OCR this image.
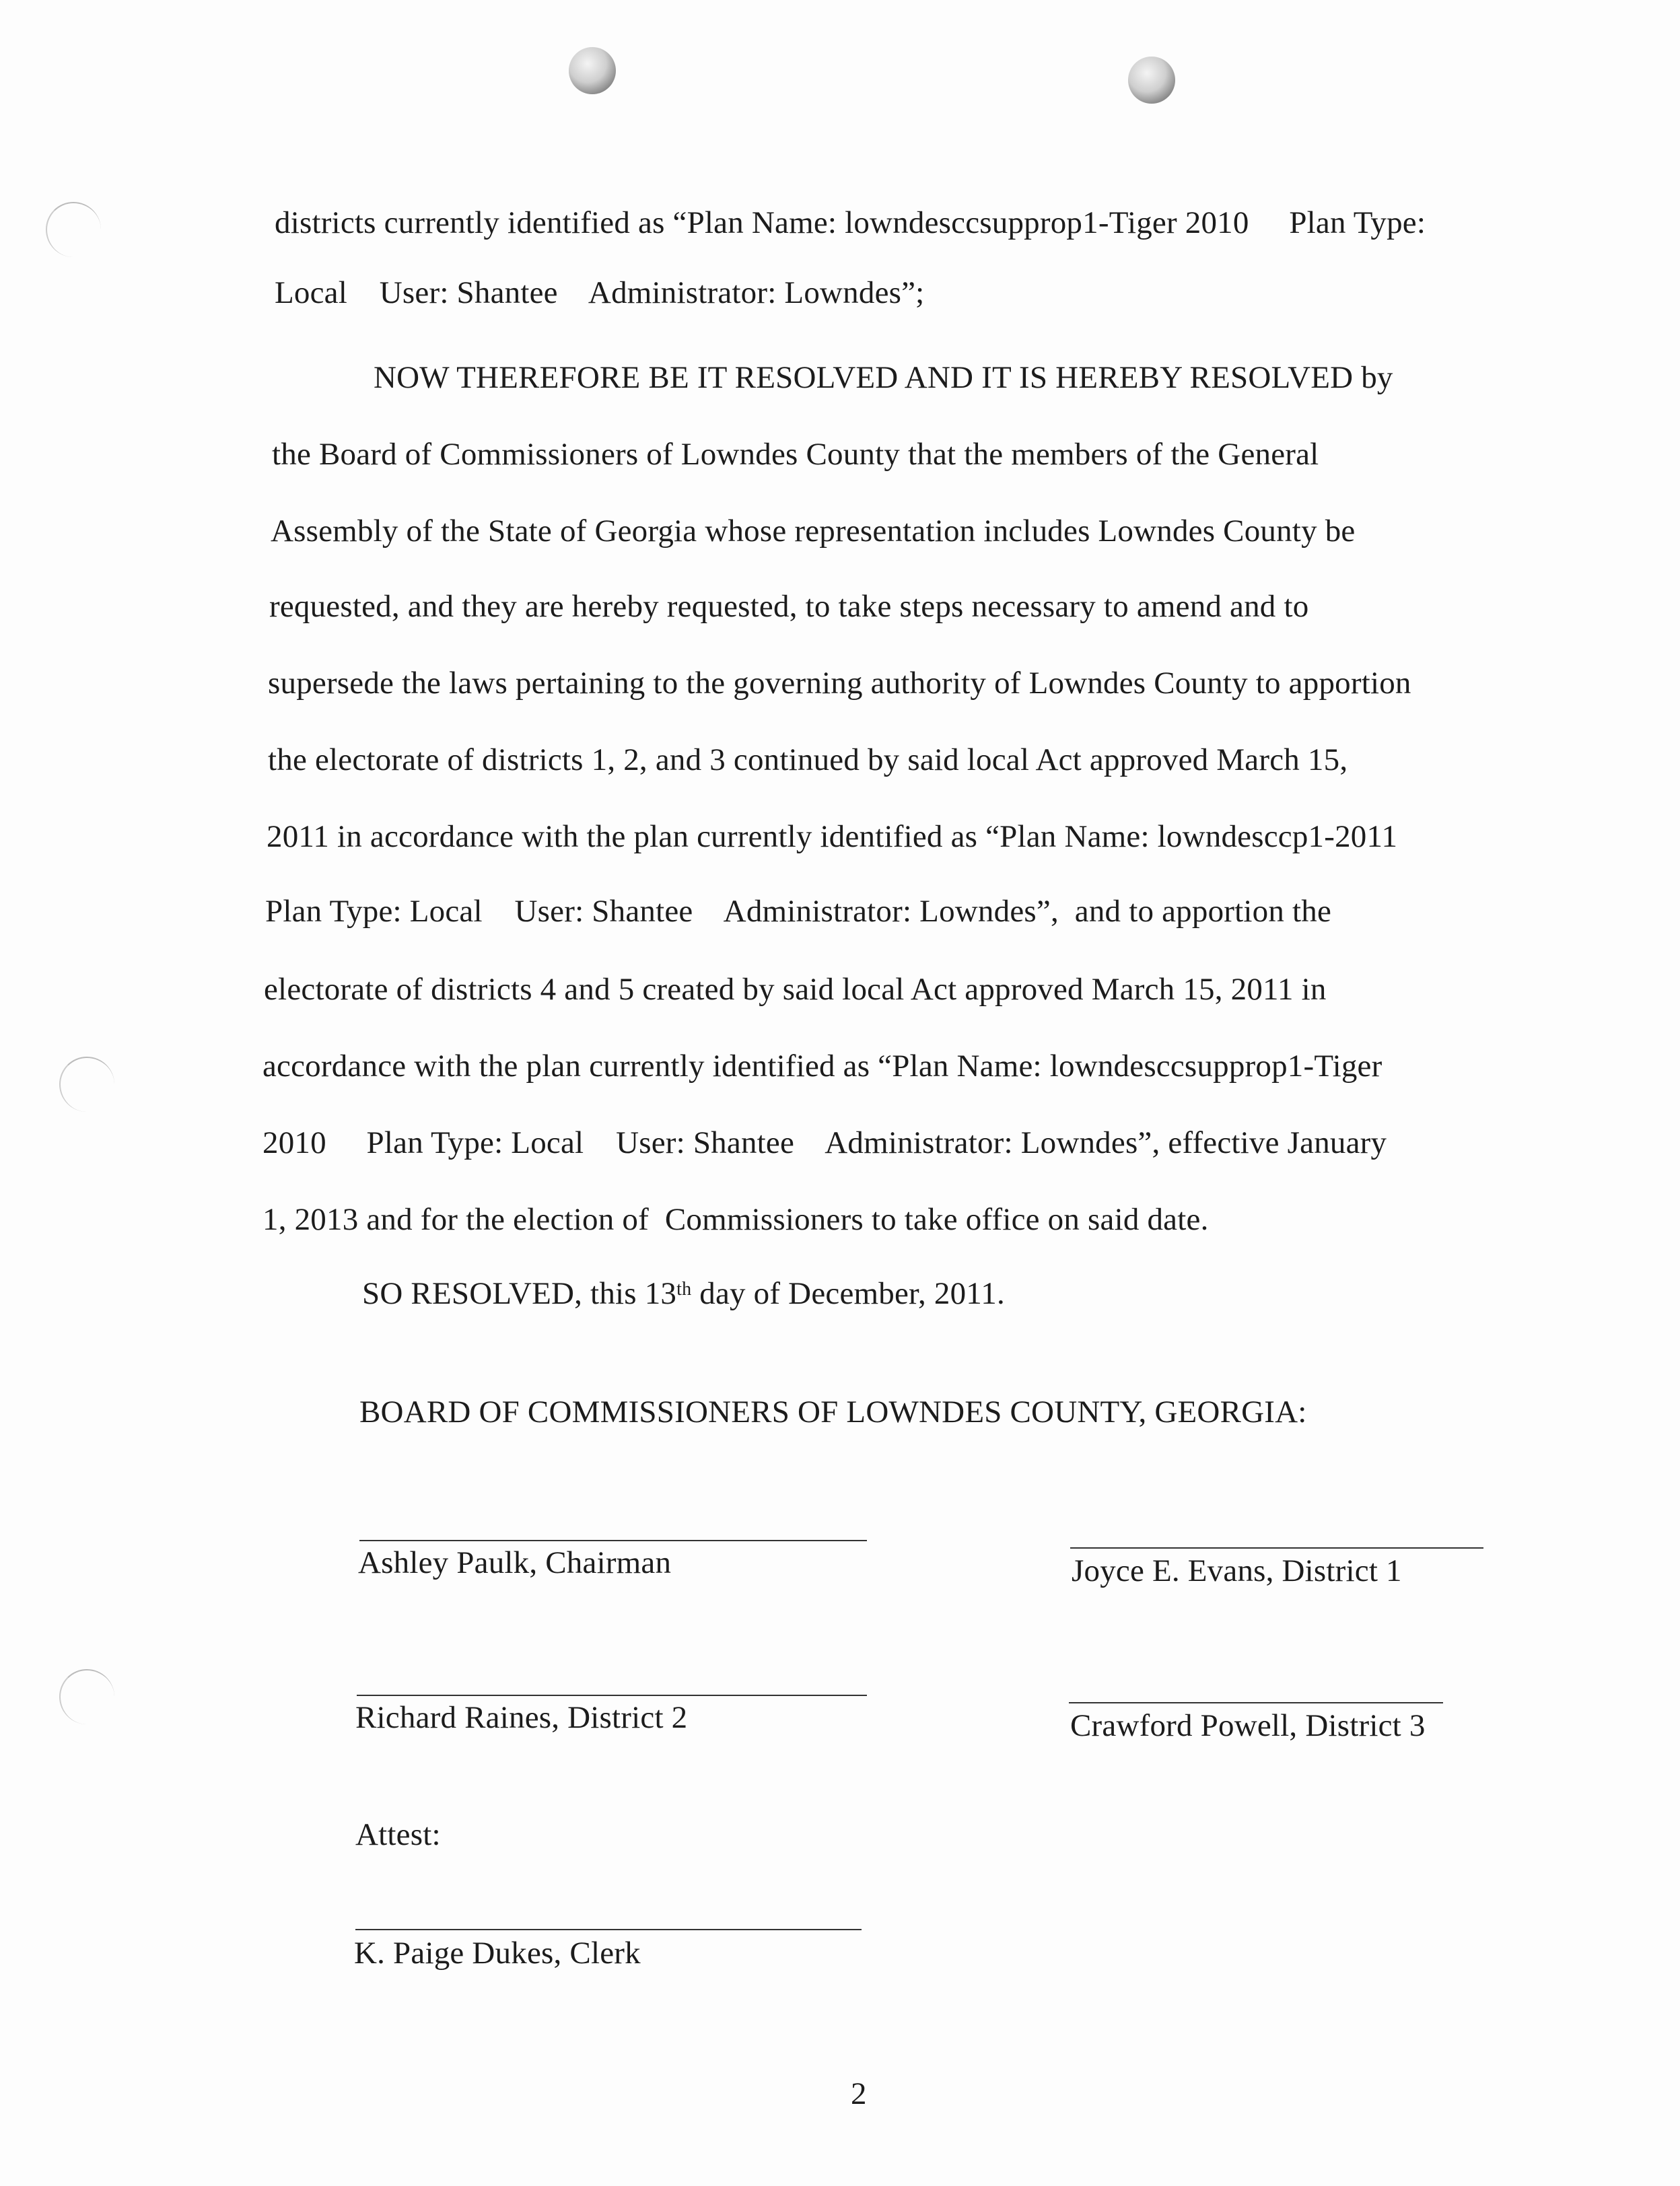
districts currently identified as “Plan Name: lowndesccsupprop1-Tiger 2010     Plan Type:
Local    User: Shantee    Administrator: Lowndes”;
NOW THEREFORE BE IT RESOLVED AND IT IS HEREBY RESOLVED by
the Board of Commissioners of Lowndes County that the members of the General
Assembly of the State of Georgia whose representation includes Lowndes County be
requested, and they are hereby requested, to take steps necessary to amend and to
supersede the laws pertaining to the governing authority of Lowndes County to apportion
the electorate of districts 1, 2, and 3 continued by said local Act approved March 15,
2011 in accordance with the plan currently identified as “Plan Name: lowndesccp1-2011
Plan Type: Local    User: Shantee    Administrator: Lowndes”,  and to apportion the
electorate of districts 4 and 5 created by said local Act approved March 15, 2011 in
accordance with the plan currently identified as “Plan Name: lowndesccsupprop1-Tiger
2010     Plan Type: Local    User: Shantee    Administrator: Lowndes”, effective January
1, 2013 and for the election of  Commissioners to take office on said date.
SO RESOLVED, this 13th day of December, 2011.
BOARD OF COMMISSIONERS OF LOWNDES COUNTY, GEORGIA:
Ashley Paulk, Chairman	Joyce E. Evans, District 1
Richard Raines, District 2	Crawford Powell, District 3
Attest:
K. Paige Dukes, Clerk
2
